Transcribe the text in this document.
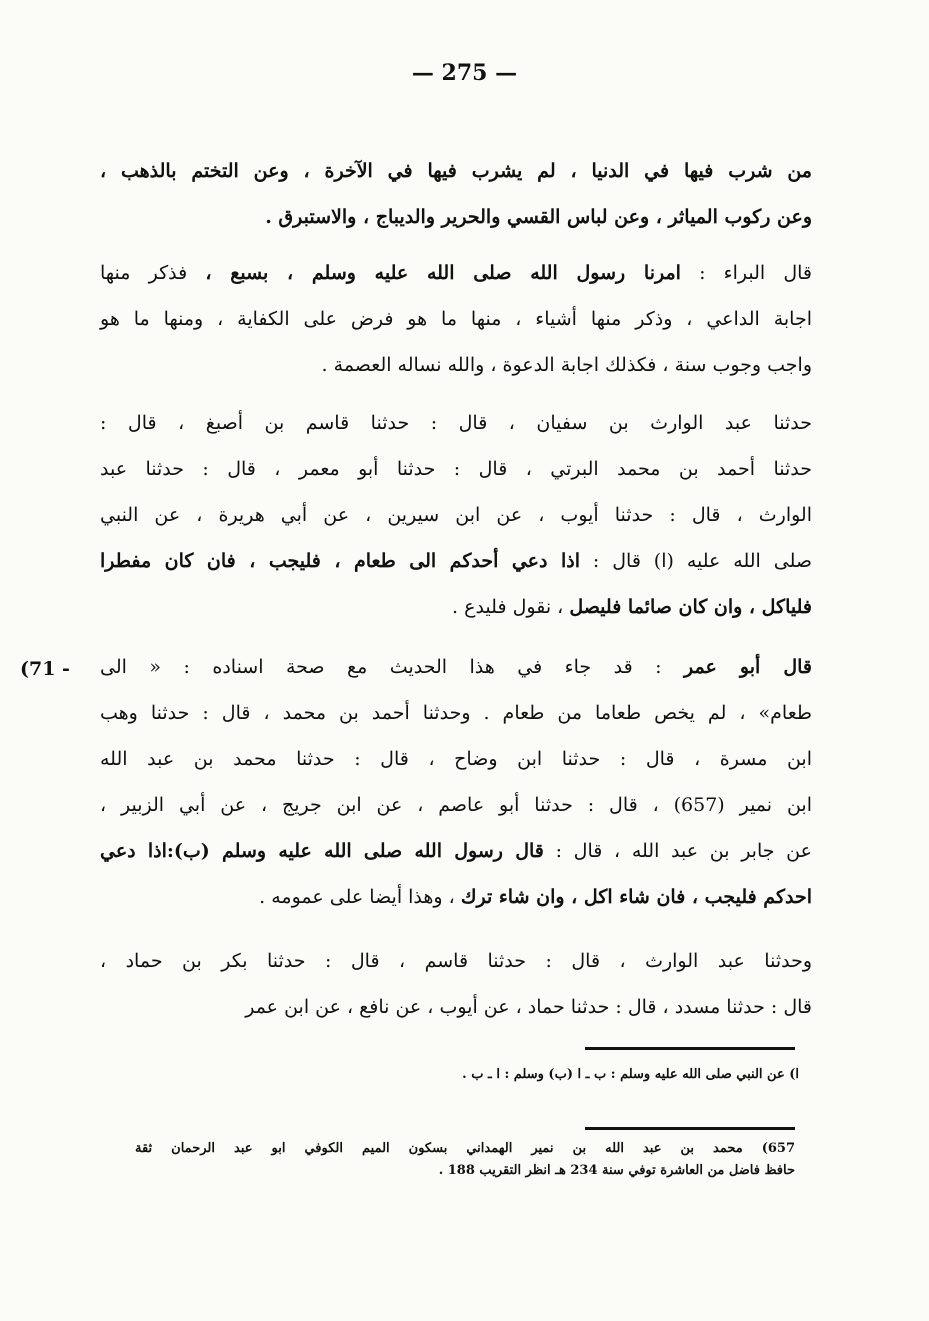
— 275 —
من شرب فيها في الدنيا ، لم يشرب فيها في الآخرة ، وعن التختم بالذهب ،
وعن ركوب المياثر ، وعن لباس القسي والحرير والديباج ، والاستبرق .
قال البراء : امرنا رسول الله صلى الله عليه وسلم ، بسبع ، فذكر منها
اجابة الداعي ، وذكر منها أشياء ، منها ما هو فرض على الكفاية ، ومنها ما هو
واجب وجوب سنة ، فكذلك اجابة الدعوة ، والله نساله العصمة .
حدثنا عبد الوارث بن سفيان ، قال : حدثنا قاسم بن أصبغ ، قال :
حدثنا أحمد بن محمد البرتي ، قال : حدثنا أبو معمر ، قال : حدثنا عبد
الوارث ، قال : حدثنا أيوب ، عن ابن سيرين ، عن أبي هريرة ، عن النبي
صلى الله عليه (ا) قال : اذا دعي أحدكم الى طعام ، فليجب ، فان كان مفطرا
فلياكل ، وان كان صائما فليصل ، نقول فليدع .
قال أبو عمر : قد جاء في هذا الحديث مع صحة اسناده : « الى
طعام» ، لم يخص طعاما من طعام . وحدثنا أحمد بن محمد ، قال : حدثنا وهب
ابن مسرة ، قال : حدثنا ابن وضاح ، قال : حدثنا محمد بن عبد الله
ابن نمير (657) ، قال : حدثنا أبو عاصم ، عن ابن جريج ، عن أبي الزبير ،
عن جابر بن عبد الله ، قال : قال رسول الله صلى الله عليه وسلم (ب):اذا دعي
احدكم فليجب ، فان شاء اكل ، وان شاء ترك ، وهذا أيضا على عمومه .
وحدثنا عبد الوارث ، قال : حدثنا قاسم ، قال : حدثنا بكر بن حماد ،
قال : حدثنا مسدد ، قال : حدثنا حماد ، عن أيوب ، عن نافع ، عن ابن عمر
(71 -
ا) عن النبي صلى الله عليه وسلم : ب ـ ا (ب) وسلم : ا ـ ب .
657) محمد بن عبد الله بن نمير الهمداني بسكون الميم الكوفي ابو عبد الرحمان ثقة
حافظ فاضل من العاشرة توفي سنة 234 هـ انظر التقريب 188 .
